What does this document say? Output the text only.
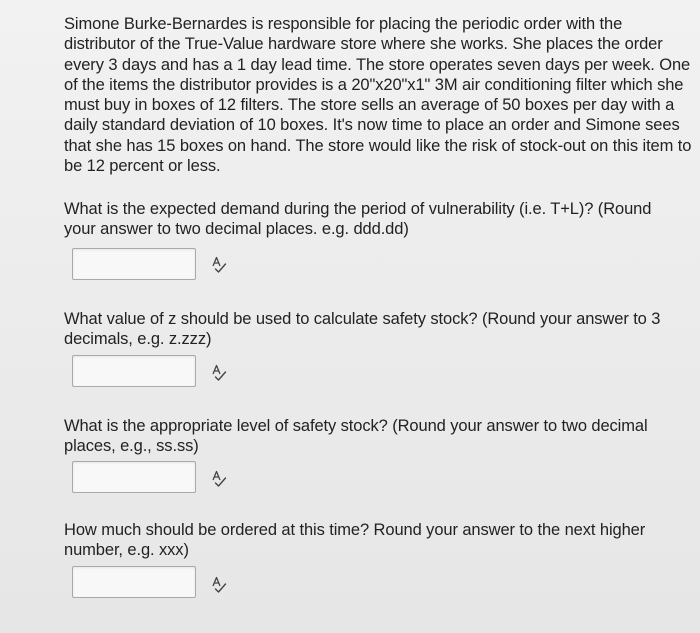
Simone Burke-Bernardes is responsible for placing the periodic order with the distributor of the True-Value hardware store where she works. She places the order every 3 days and has a 1 day lead time. The store operates seven days per week. One of the items the distributor provides is a 20"x20"x1" 3M air conditioning filter which she must buy in boxes of 12 filters. The store sells an average of 50 boxes per day with a daily standard deviation of 10 boxes. It's now time to place an order and Simone sees that she has 15 boxes on hand. The store would like the risk of stock-out on this item to be 12 percent or less.
What is the expected demand during the period of vulnerability (i.e. T+L)? (Round your answer to two decimal places. e.g. ddd.dd)
What value of z should be used to calculate safety stock? (Round your answer to 3 decimals, e.g. z.zzz)
What is the appropriate level of safety stock? (Round your answer to two decimal places, e.g., ss.ss)
How much should be ordered at this time? Round your answer to the next higher number, e.g. xxx)
